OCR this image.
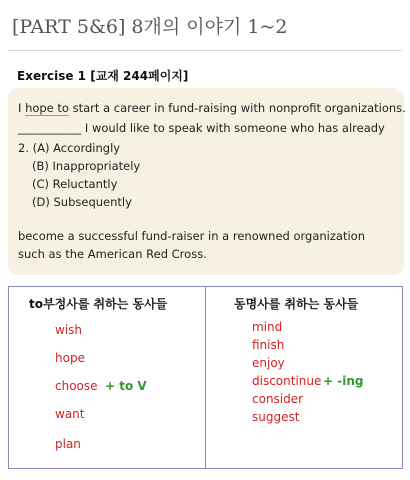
[PART 5&6] 8개의 이야기 1~2
Exercise 1 [교재 244페이지]
I hope to start a career in fund-raising with nonprofit organizations.
___________ I would like to speak with someone who has already
2. (A) Accordingly
(B) Inappropriately
(C) Reluctantly
(D) Subsequently
become a successful fund-raiser in a renowned organization
such as the American Red Cross.
to부정사를 취하는 동사들
wish
hope
choose + to V
want
plan
동명사를 취하는 동사들
mind
finish
enjoy
discontinue + -ing
consider
suggest
